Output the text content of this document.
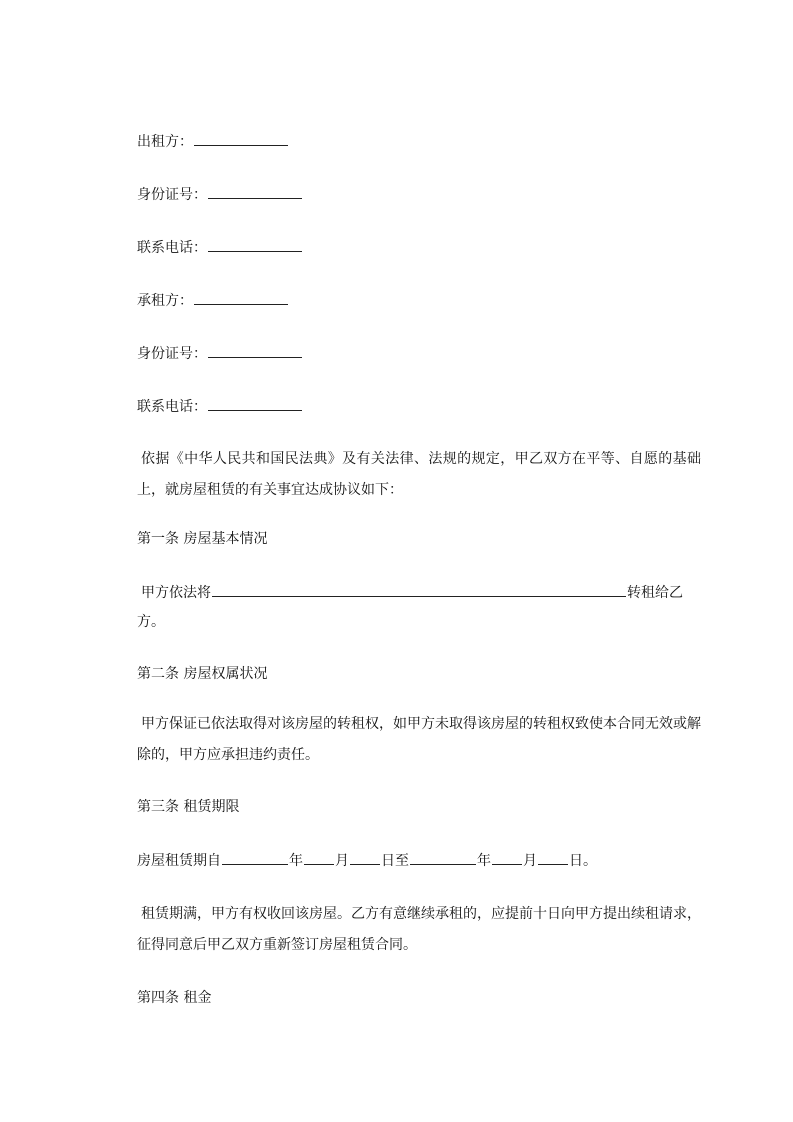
出租方：
身份证号：
联系电话：
承租方：
身份证号：
联系电话：
依据《中华人民共和国民法典》及有关法律、法规的规定，甲乙双方在平等、自愿的基础上，就房屋租赁的有关事宜达成协议如下：
第一条 房屋基本情况
甲方依法将	转租给乙
方。
第二条 房屋权属状况
甲方保证已依法取得对该房屋的转租权，如甲方未取得该房屋的转租权致使本合同无效或解除的，甲方应承担违约责任。
第三条 租赁期限
房屋租赁期自	年 月 日至	年 月 日。
租赁期满，甲方有权收回该房屋。乙方有意继续承租的，应提前十日向甲方提出续租请求，征得同意后甲乙双方重新签订房屋租赁合同。
第四条 租金
